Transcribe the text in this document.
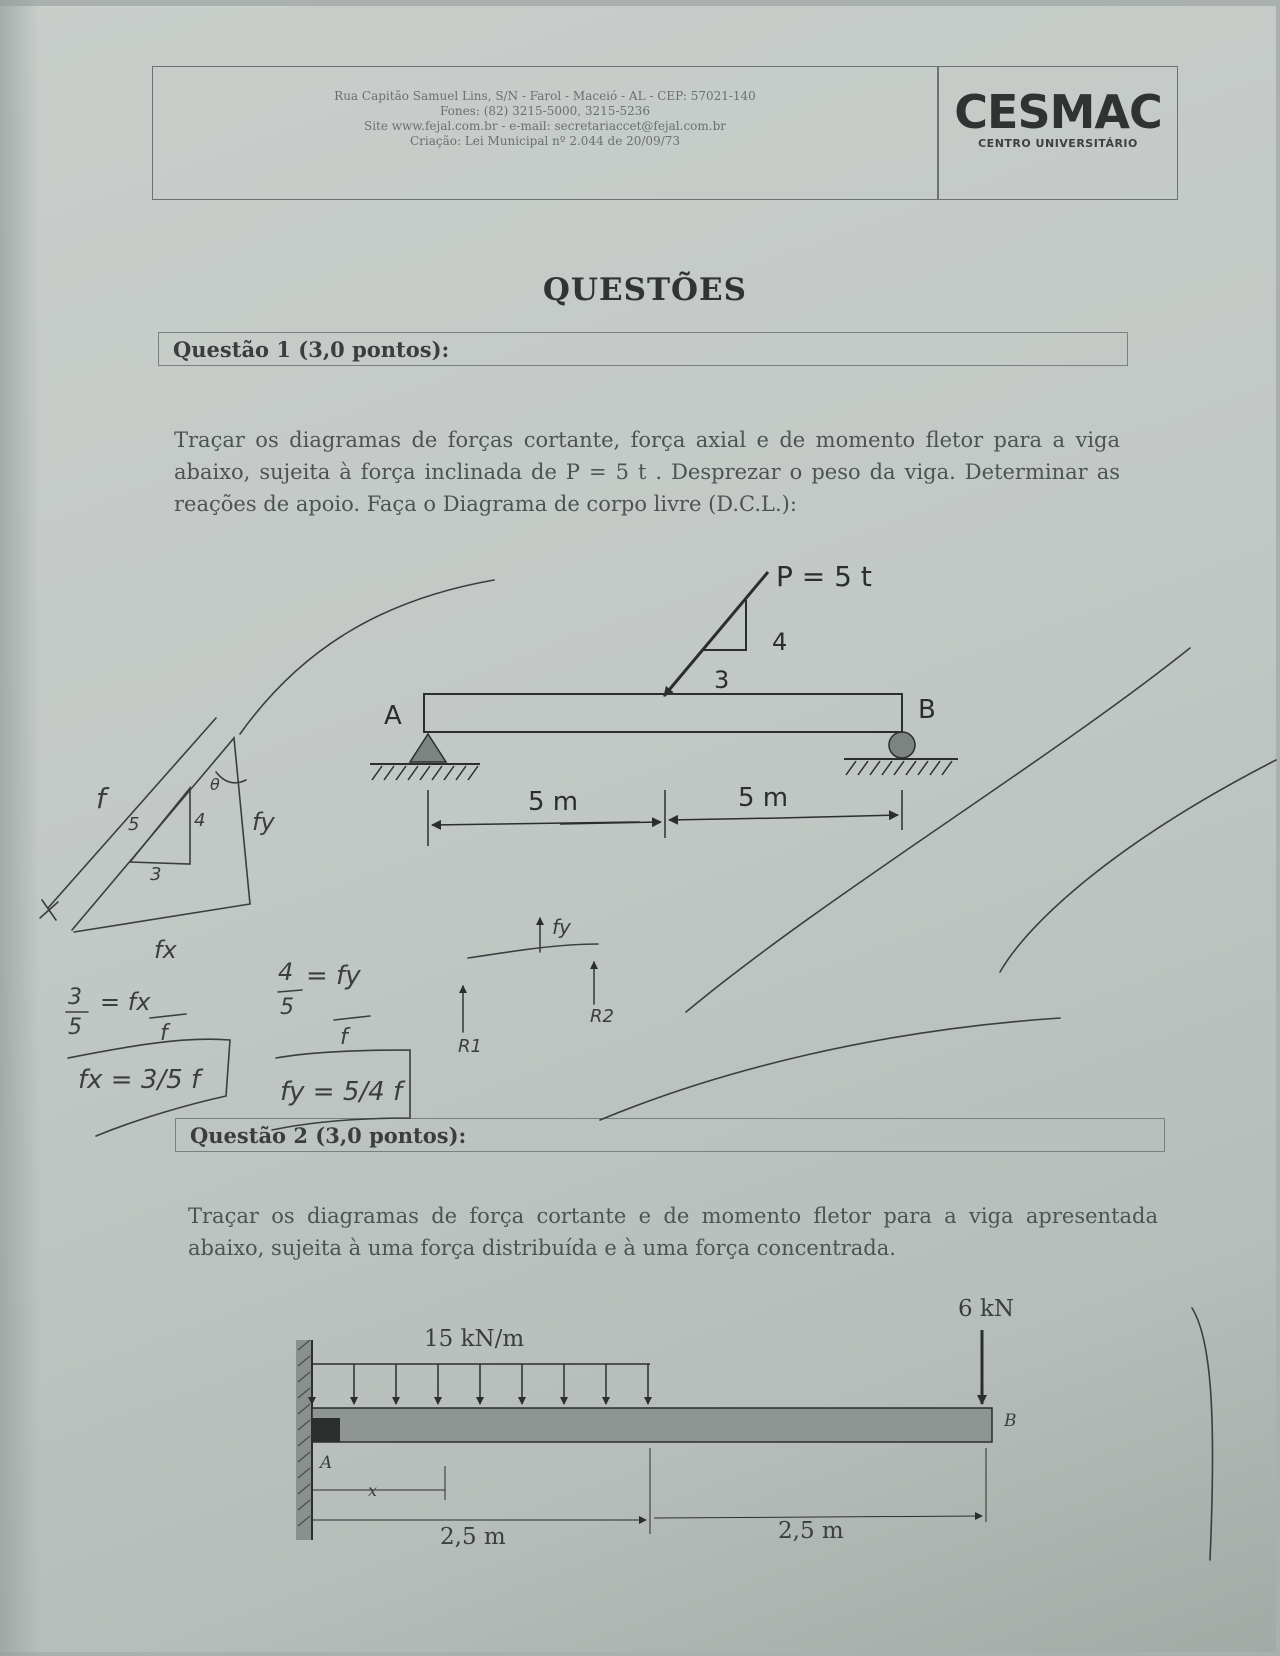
Rua Capitão Samuel Lins, S/N - Farol - Maceió - AL - CEP: 57021-140
Fones: (82) 3215-5000, 3215-5236
Site www.fejal.com.br - e-mail: secretariaccet@fejal.com.br
Criação: Lei Municipal nº 2.044 de 20/09/73
CESMAC
CENTRO UNIVERSITÁRIO
QUESTÕES
Questão 1 (3,0 pontos):
Traçar os diagramas de forças cortante, força axial e de momento fletor para a viga abaixo, sujeita à força inclinada de P = 5 t . Desprezar o peso da viga. Determinar as reações de apoio. Faça o Diagrama de corpo livre (D.C.L.):
Questão 2 (3,0 pontos):
Traçar os diagramas de força cortante e de momento fletor para a viga apresentada abaixo, sujeita à uma força distribuída e à uma força concentrada.
P = 5 t
4
3
A	B
5 m	5 m
f
fy
fx
5	4
3
θ
3
5
= fx
f
fx = 3/5 f
4
5
= fy
f
fy = 5/4 f
R1
R2
fy
15 kN/m
6 kN
A
B
x
2,5 m	2,5 m
